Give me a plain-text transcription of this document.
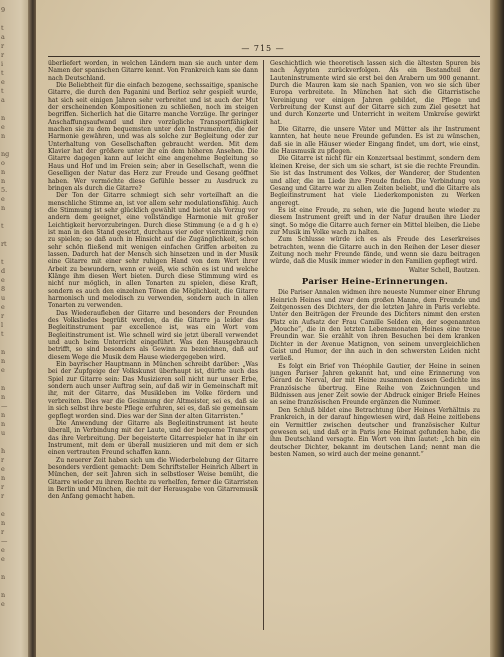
9
t
a
r
r
i
t
e
t
a
n
e
n
ng
o
n
n
5.
e
n
t
rt
t
d
e
8
u
e
r
l
t
n
n
e
n
n
—
n
n
u
h
r
e
n
r
r
e
n
r
—
e
e
n
n
e
— 715 —

überliefert worden, in welchen Ländern man sie auch unter dem Namen der spanischen Gitarre kennt. Von Frankreich kam sie dann nach Deutschland.

Die Beliebtheit für die einfach bezogene, sechssaitige, spanische Gitarre, die durch den Paganini und Berlioz sehr gespielt wurde, hat sich seit einigen Jahren sehr verbreitet und ist auch der Mut der erscheinenden Kompositionen zu schließen, noch im steigen begriffen. Sicherlich hat die Gitarre manche Vorzüge. Ihr geringer Anschaffungsaufwand und ihre vorzügliche Transportfähigkeit machen sie zu dem bequemsten unter den Instrumenten, die der Harmonie gewähren, und was als solche zur Begleitung oder zur Unterhaltung von Gesellschaften gebraucht werden. Mit dem Klavier hat der größere unter ihr ein dem höheren Ansehen. Die Gitarre dagegen kann auf leicht eine angenehme Begleitung so Haus und Hof und im Freien sein; aber in Gesellschaft, wenn die Geselligen der Natur das Herz zur Freude und Gesang geöffnet haben. Wer vermöchte diese Gefühle besser zu Ausdruck zu bringen als durch die Gitarre?

Der Ton der Gitarre schmiegt sich sehr vorteilhaft an die menschliche Stimme an, ist vor allem sehr modulationsfähig. Auch die Stimmung ist sehr glücklich gewählt und bietet als Vorzug vor andern dem geeignet, eine vollständige Harmonie mit großer Leichtigkeit hervorzubringen. Durch diese Stimmung (e a d g h e) ist man in den Stand gesetzt, durchaus vier oder vierstimmig rein zu spielen; so daß auch in Hinsicht auf die Zugänglichkeit, schon sehr schön fließend mit wenigen einfachen Griffen arbeiten zu lassen. Dadurch hat der Mensch sich hinsetzen und in der Musik eine Gitarre mit einer sehr ruhigen Hand von dem Wert ihrer Arbeit zu bewundern, wenn er weiß, wie schön es ist und welche Klänge ihm diesen Wert bieten. Durch diese Stimmung wird es nicht nur möglich, in allen Tonarten zu spielen, diese Kraft, sondern es auch den einzelnen Tönen die Möglichkeit, die Gitarre harmonisch und melodisch zu verwenden, sondern auch in allen Tonarten zu verwenden.

Das Wiederaufleben der Gitarre und besonders der Freunden des Volksliedes begrüßt werden, da die Gitarre ja leider das Begleitinstrument par excellence ist, was ein Wort vom Begleitinstrument ist. Wie schnell wird sie jetzt überall verwendet und auch beim Unterricht eingeführt. Was den Hausgebrauch betrifft, so sind besonders als Gewinn zu bezeichnen, daß auf diesem Wege die Musik dem Hause wiedergegeben wird.

Ein bayrischer Hauptmann in München schreibt darüber: „Was bei der Zupfgeige der Volkskunst überhaupt ist, dürfte auch das Spiel zur Gitarre sein: Das Musizieren soll nicht nur unser Erbe, sondern auch unser Auftrag sein, auf daß wir in Gemeinschaft mit ihr, mit der Gitarre, das Musikleben im Volke fördern und verbreiten. Dies war die Gesinnung der Altmeister, sei es, daß sie in sich selbst ihre beste Pflege erfuhren, sei es, daß sie gemeinsam gepflegt worden sind. Dies war der Sinn der alten Gitarristen.“

Die Anwendung der Gitarre als Begleitinstrument ist heute überall, in Verbindung mit der Laute, und der bequeme Transport das ihre Verbreitung. Der begeisterte Gitarrespieler hat in ihr ein Instrument, mit dem er überall musizieren und mit dem er sich einen vertrauten Freund schaffen kann.

Zu neuerer Zeit haben sich um die Wiederbelebung der Gitarre besonders verdient gemacht: Dem Schriftsteller Heinrich Albert in München, der seit Jahren sich in selbstloser Weise bemüht, die Gitarre wieder zu ihrem Rechte zu verhelfen, ferner die Gitarristen in Berlin und München, die mit der Herausgabe von Gitarremusik den Anfang gemacht haben.

Geschichtlich wie theoretisch lassen sich die ältesten Spuren bis nach Ägypten zurückverfolgen. Als ein Bestandteil der Lauteninstrumente wird sie erst bei den Arabern um 900 genannt. Durch die Mauren kam sie nach Spanien, von wo sie sich über Europa verbreitete. In München hat sich die Gitarristische Vereinigung vor einigen Jahren gebildet, die Pflege und Verbreitung der Kunst auf der Gitarre sich zum Ziel gesetzt hat und durch Konzerte und Unterricht in weitem Umkreise gewirkt hat.

Die Gitarre, die unsere Väter und Mütter als ihr Instrument kannten, hat heute neue Freunde gefunden. Es ist zu wünschen, daß sie in alle Häuser wieder Eingang findet, um dort, wie einst, die Hausmusik zu pflegen.

Die Gitarre ist nicht für ein Konzertsaal bestimmt, sondern dem kleinen Kreise, der sich um sie schart, ist sie die rechte Freundin. Sie ist das Instrument des Volkes, der Wanderer, der Studenten und aller, die im Liede ihre Freude finden. Die Verbindung von Gesang und Gitarre war zu allen Zeiten beliebt, und die Gitarre als Begleitinstrument hat viele Liederkomponisten zu Werken angeregt.

Es ist eine Freude, zu sehen, wie die Jugend heute wieder zu diesem Instrument greift und in der Natur draußen ihre Lieder singt. So möge die Gitarre auch ferner ein Mittel bleiben, die Liebe zur Musik im Volke wach zu halten.

Zum Schlusse würde ich es als Freude des Leserkreises betrachten, wenn die Gitarre auch in den Reihen der Leser dieser Zeitung noch mehr Freunde fände, und wenn sie dazu beitragen würde, daß die Musik immer wieder in den Familien gepflegt wird.

Walter Schell, Bautzen.

Pariser Heine-Erinnerungen.

Die Pariser Annalen widmen ihre neueste Nummer einer Ehrung Heinrich Heines und zwar dem großen Manne, dem Freunde und Zeitgenossen des Dichters, der die letzten Jahre in Paris verlebte. Unter den Beiträgen der Freunde des Dichters nimmt den ersten Platz ein Aufsatz der Frau Camille Selden ein, der sogenannten „Mouche“, die in den letzten Lebensmonaten Heines eine treue Freundin war. Sie erzählt von ihren Besuchen bei dem kranken Dichter in der Avenue Matignon, von seinem unvergleichlichen Geist und Humor, der ihn auch in den schwersten Leiden nicht verließ.

Es folgt ein Brief von Théophile Gautier, der Heine in seinen jungen Pariser Jahren gekannt hat, und eine Erinnerung von Gérard de Nerval, der mit Heine zusammen dessen Gedichte ins Französische übertrug. Eine Reihe von Zeichnungen und Bildnissen aus jener Zeit sowie der Abdruck einiger Briefe Heines an seine französischen Freunde ergänzen die Nummer.

Den Schluß bildet eine Betrachtung über Heines Verhältnis zu Frankreich, in der darauf hingewiesen wird, daß Heine zeitlebens ein Vermittler zwischen deutscher und französischer Kultur gewesen sei, und daß er in Paris jene Heimat gefunden habe, die ihm Deutschland versagte. Ein Wort von ihm lautet: „Ich bin ein deutscher Dichter, bekannt im deutschen Land; nennt man die besten Namen, so wird auch der meine genannt.“
